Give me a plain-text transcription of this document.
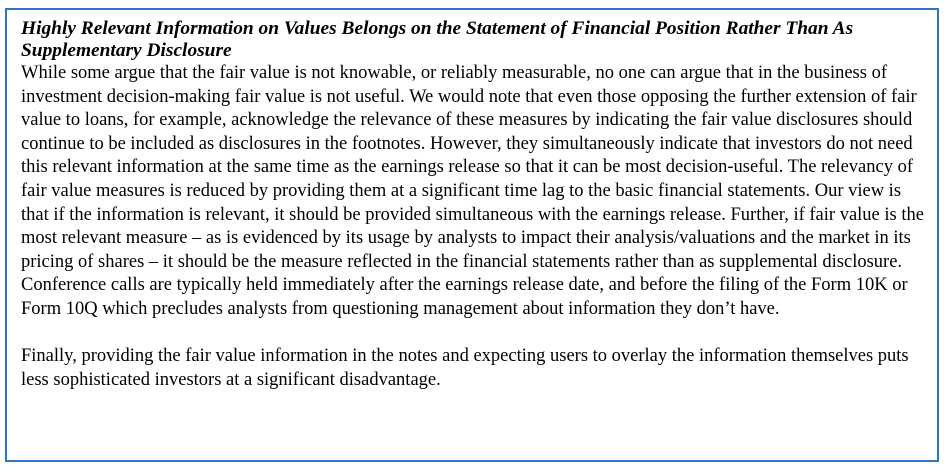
Highly Relevant Information on Values Belongs on the Statement of Financial Position Rather Than As Supplementary Disclosure

While some argue that the fair value is not knowable, or reliably measurable, no one can argue that in the business of investment decision-making fair value is not useful. We would note that even those opposing the further extension of fair value to loans, for example, acknowledge the relevance of these measures by indicating the fair value disclosures should continue to be included as disclosures in the footnotes. However, they simultaneously indicate that investors do not need this relevant information at the same time as the earnings release so that it can be most decision-useful. The relevancy of fair value measures is reduced by providing them at a significant time lag to the basic financial statements. Our view is that if the information is relevant, it should be provided simultaneous with the earnings release. Further, if fair value is the most relevant measure – as is evidenced by its usage by analysts to impact their analysis/valuations and the market in its pricing of shares – it should be the measure reflected in the financial statements rather than as supplemental disclosure. Conference calls are typically held immediately after the earnings release date, and before the filing of the Form 10K or Form 10Q which precludes analysts from questioning management about information they don’t have.

Finally, providing the fair value information in the notes and expecting users to overlay the information themselves puts less sophisticated investors at a significant disadvantage.
